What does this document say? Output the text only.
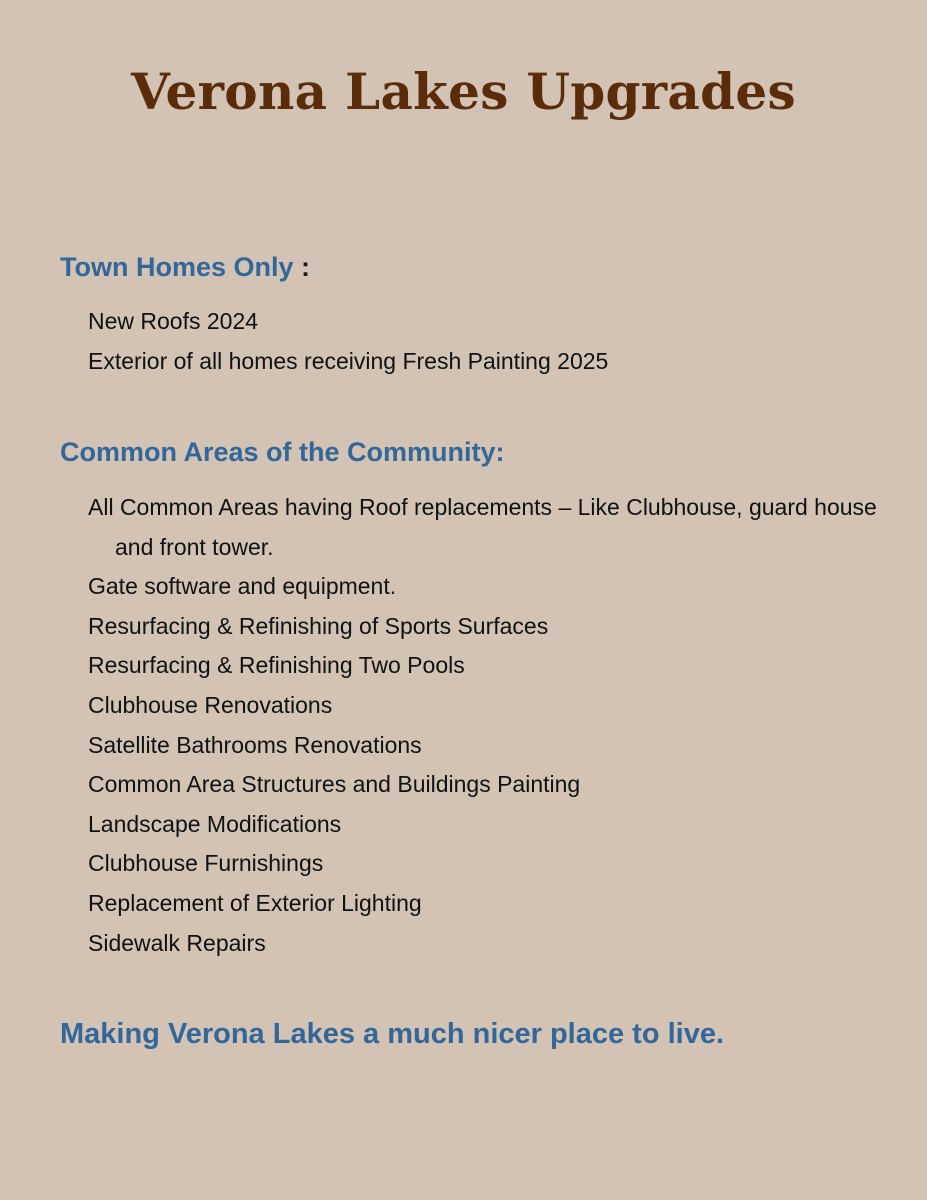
Verona Lakes Upgrades
Town Homes Only :
New Roofs 2024
Exterior of all homes receiving Fresh Painting 2025
Common Areas of the Community:
All Common Areas having Roof replacements – Like Clubhouse, guard house and front tower.
Gate software and equipment.
Resurfacing & Refinishing of Sports Surfaces
Resurfacing & Refinishing Two Pools
Clubhouse Renovations
Satellite Bathrooms Renovations
Common Area Structures and Buildings Painting
Landscape Modifications
Clubhouse Furnishings
Replacement of Exterior Lighting
Sidewalk Repairs
Making Verona Lakes a much nicer place to live.
